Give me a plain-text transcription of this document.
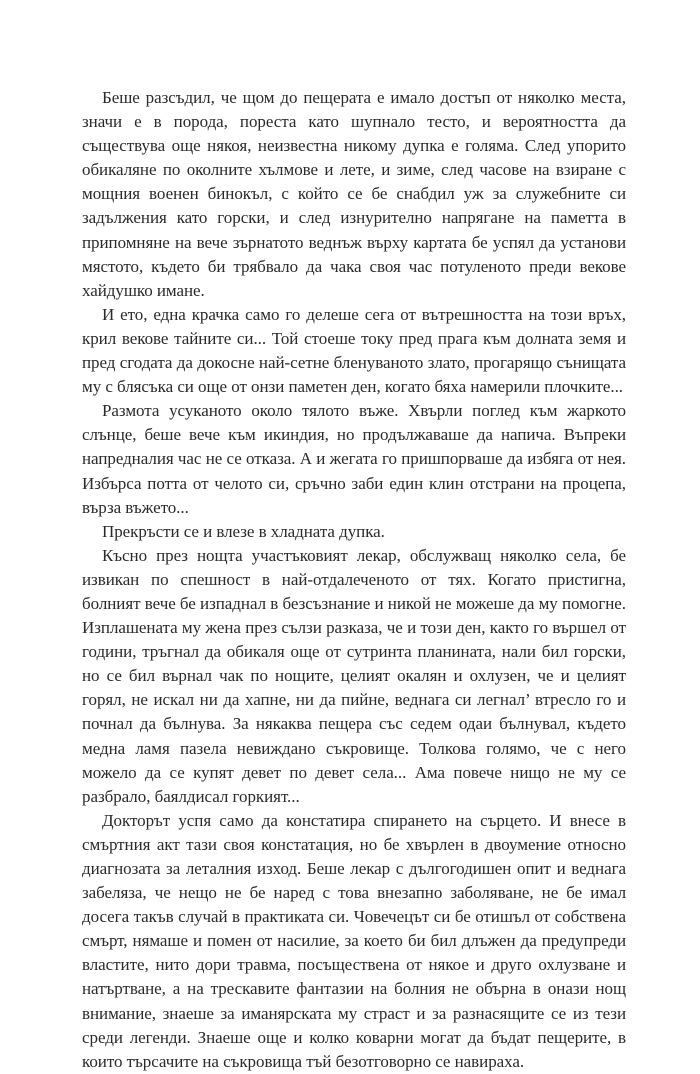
Беше разсъдил, че щом до пещерата е имало достъп от няколко места, значи е в порода, пореста като шупнало тесто, и вероятността да съществува още някоя, неизвестна никому дупка е голяма. След упорито обикаляне по околните хълмове и лете, и зиме, след часове на взиране с мощния военен бинокъл, с който се бе снабдил уж за служебните си задължения като горски, и след изнурително напрягане на паметта в припомняне на вече зърнатото веднъж върху картата бе успял да установи мястото, където би трябвало да чака своя час потуленото преди векове хайдушко имане.

И ето, една крачка само го делеше сега от вътрешността на този връх, крил векове тайните си... Той стоеше току пред прага към долната земя и пред сгодата да докосне най-сетне бленуваното злато, прогарящо сънищата му с блясъка си още от онзи паметен ден, когато бяха намерили плочките...

Размота усуканото около тялото въже. Хвърли поглед към жаркото слънце, беше вече към икиндия, но продължаваше да напича. Въпреки напредналия час не се отказа. А и жегата го пришпорваше да избяга от нея. Избърса потта от челото си, сръчно заби един клин отстрани на процепа, върза въжето...

Прекръсти се и влезе в хладната дупка.

Късно през нощта участъковият лекар, обслужващ няколко села, бе извикан по спешност в най-отдалеченото от тях. Когато пристигна, болният вече бе изпаднал в безсъзнание и никой не можеше да му помогне. Изплашената му жена през сълзи разказа, че и този ден, както го вършел от години, тръгнал да обикаля още от сутринта планината, нали бил горски, но се бил върнал чак по нощите, целият окалян и охлузен, че и целият горял, не искал ни да хапне, ни да пийне, веднага си легнал’ втресло го и почнал да бълнува. За някаква пещера със седем одаи бълнувал, където медна ламя пазела невиждано съкровище. Толкова голямо, че с него можело да се купят девет по девет села... Ама повече нищо не му се разбрало, баялдисал горкият...

Докторът успя само да констатира спирането на сърцето. И внесе в смъртния акт тази своя констатация, но бе хвърлен в двоумение относно диагнозата за леталния изход. Беше лекар с дългогодишен опит и веднага забеляза, че нещо не бе наред с това внезапно заболяване, не бе имал досега такъв случай в практиката си. Човечецът си бе отишъл от собствена смърт, нямаше и помен от насилие, за което би бил длъжен да предупреди властите, нито дори травма, посъществена от някое и друго охлузване и натъртване, а на трескавите фантазии на болния не обърна в онази нощ внимание, знаеше за иманярската му страст и за разнасящите се из тези среди легенди. Знаеше още и колко коварни могат да бъдат пещерите, в които търсачите на съкровища тъй безотговорно се навираха.
